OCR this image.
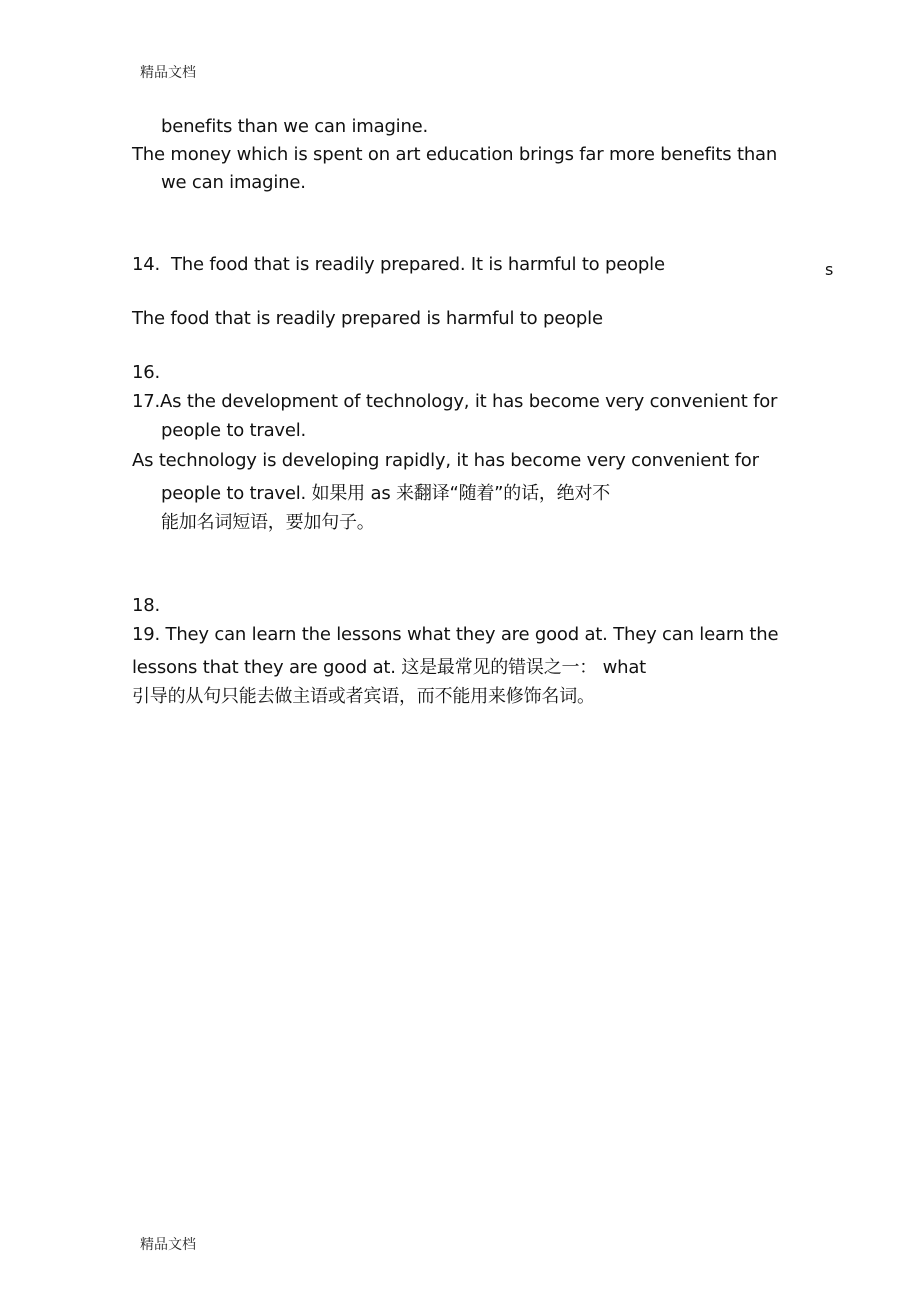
精品文档
benefits than we can imagine.
The money which is spent on art education brings far more benefits than
we can imagine.
14. The food that is readily prepared. It is harmful to people	s
The food that is readily prepared is harmful to people
16.
17.As the development of technology, it has become very convenient for
people to travel.
As technology is developing rapidly, it has become very convenient for
people to travel. 如果用 as 来翻译“随着”的话，绝对不
能加名词短语，要加句子。
18.
19. They can learn the lessons what they are good at. They can learn the
lessons that they are good at. 这是最常见的错误之一： what
引导的从句只能去做主语或者宾语，而不能用来修饰名词。
精品文档
